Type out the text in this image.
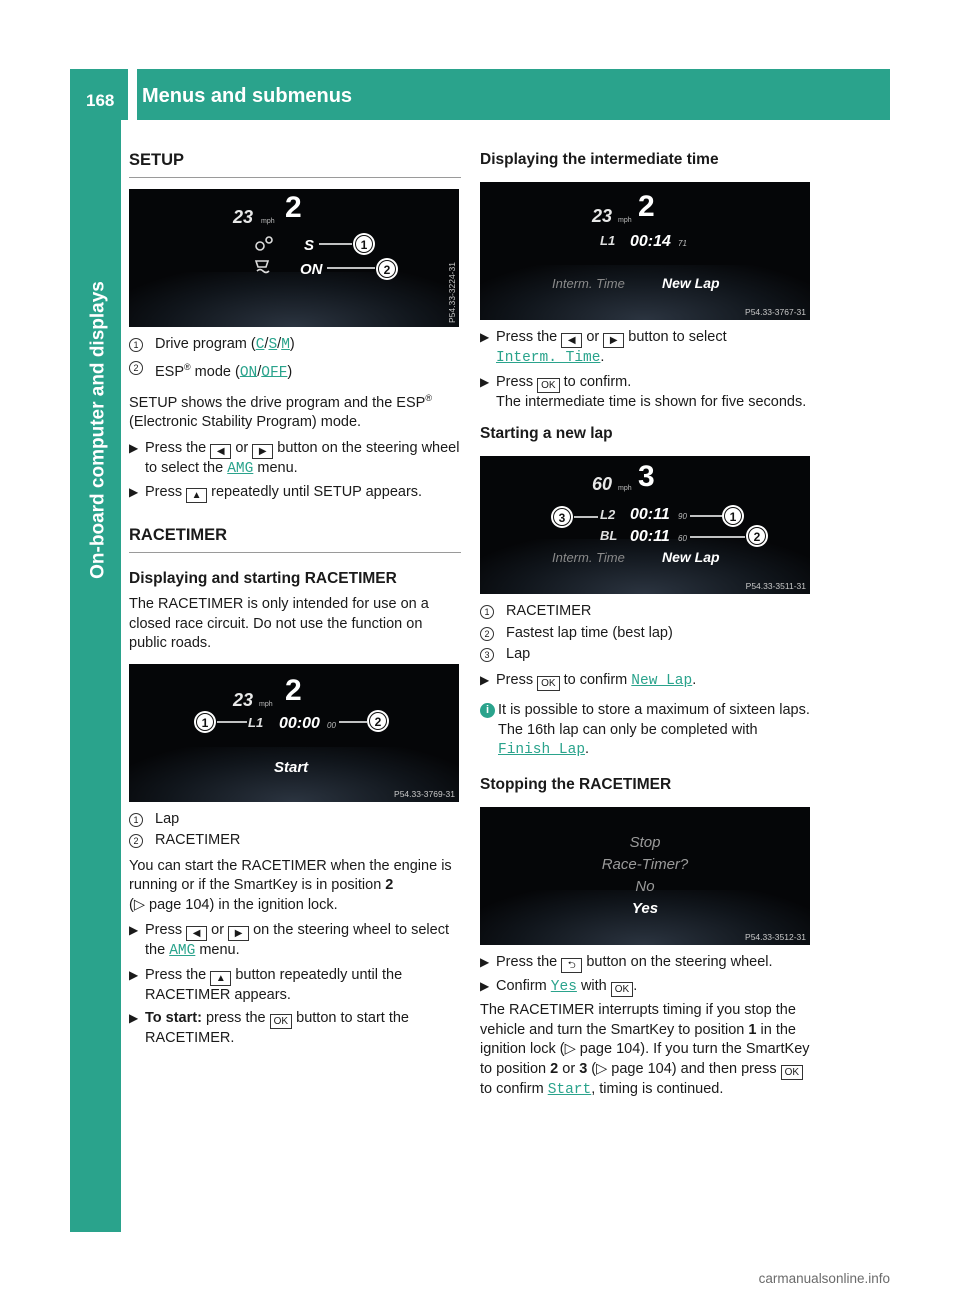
168 Menus and submenus
On-board computer and displays
SETUP
23 mph 2
S	1
ON	2	P54.33-3224-31
1	Drive program (C/S/M)
2	ESP® mode (ON/OFF)

SETUP shows the drive program and the ESP®
(Electronic Stability Program) mode.

▶ Press the ◀ or ▶ button on the steering wheel to select the AMG menu.
▶ Press ▲ repeatedly until SETUP appears.
RACETIMER
Displaying and starting RACETIMER

The RACETIMER is only intended for use on a closed race circuit. Do not use the function on public roads.

23 mph 2
1	L1 00:00 00	2
Start
P54.33-3769-31
1	Lap
2	RACETIMER

You can start the RACETIMER when the engine is running or if the SmartKey is in position 2
(▷ page 104) in the ignition lock.

▶ Press ◀ or ▶ on the steering wheel to select the AMG menu.
▶ Press the ▲ button repeatedly until the RACETIMER appears.
▶ To start: press the OK button to start the RACETIMER.
Displaying the intermediate time
23 mph 2
L1 00:14 71
Interm. Time	New Lap
P54.33-3767-31
▶ Press the ◀ or ▶ button to select
Interm. Time.
▶ Press OK to confirm.
The intermediate time is shown for five seconds.
Starting a new lap
60 mph 3
3	L2 00:11 90	1
BL 00:11 60	2
Interm. Time	New Lap
P54.33-3511-31
1	RACETIMER
2	Fastest lap time (best lap)
3	Lap
▶ Press OK to confirm New Lap.
i It is possible to store a maximum of sixteen laps. The 16th lap can only be completed with Finish Lap.
Stopping the RACETIMER
Stop
Race-Timer?
No
Yes
P54.33-3512-31
▶ Press the ⮌ button on the steering wheel.
▶ Confirm Yes with OK .

The RACETIMER interrupts timing if you stop the vehicle and turn the SmartKey to position 1 in the ignition lock (▷ page 104). If you turn the SmartKey to position 2 or 3 (▷ page 104) and then press OK to confirm Start, timing is continued.

carmanualsonline.info
